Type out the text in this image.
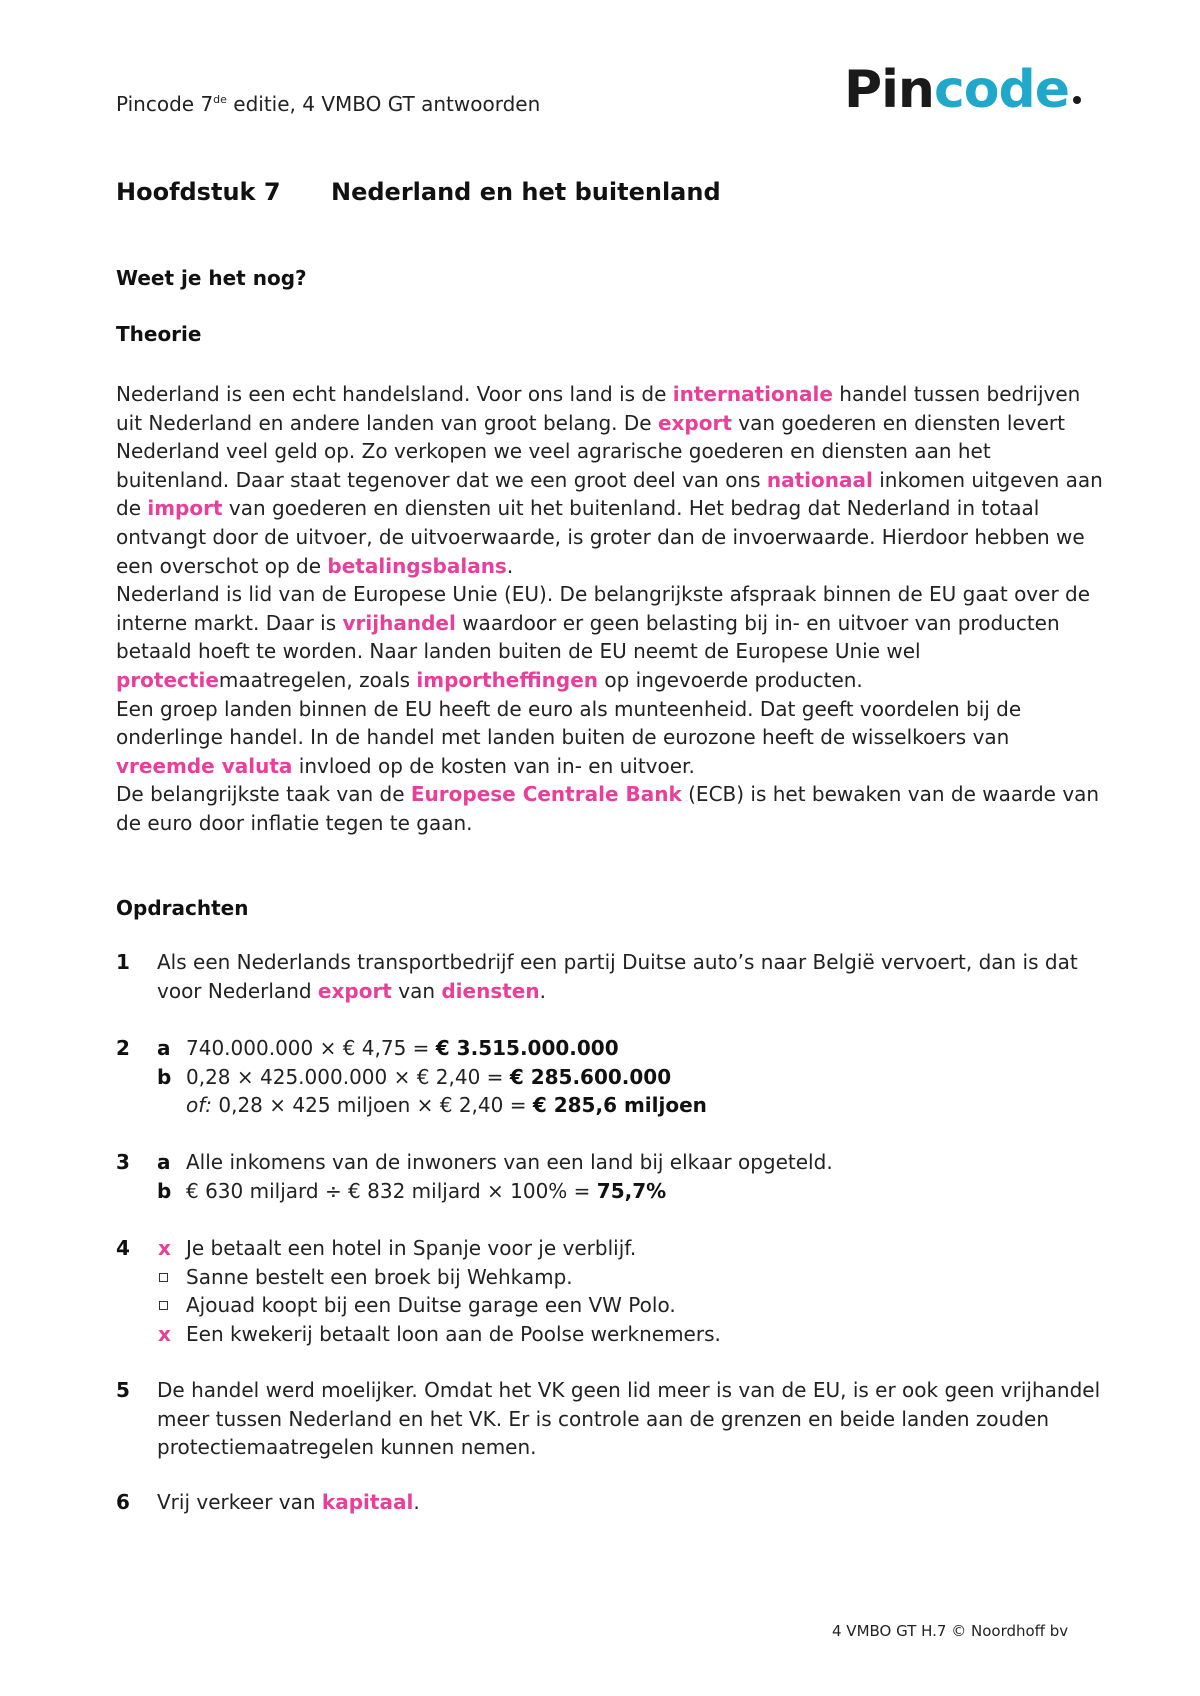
Pincode 7de editie, 4 VMBO GT antwoorden	Pin code
Hoofdstuk 7 Nederland en het buitenland
Weet je het nog?
Theorie

Nederland is een echt handelsland. Voor ons land is de internationale handel tussen bedrijven uit Nederland en andere landen van groot belang. De export van goederen en diensten levert Nederland veel geld op. Zo verkopen we veel agrarische goederen en diensten aan het buitenland. Daar staat tegenover dat we een groot deel van ons nationaal inkomen uitgeven aan de import van goederen en diensten uit het buitenland. Het bedrag dat Nederland in totaal ontvangt door de uitvoer, de uitvoerwaarde, is groter dan de invoerwaarde. Hierdoor hebben we een overschot op de betalingsbalans.

Nederland is lid van de Europese Unie (EU). De belangrijkste afspraak binnen de EU gaat over de interne markt. Daar is vrijhandel waardoor er geen belasting bij in- en uitvoer van producten betaald hoeft te worden. Naar landen buiten de EU neemt de Europese Unie wel protectiemaatregelen, zoals importheffingen op ingevoerde producten.

Een groep landen binnen de EU heeft de euro als munteenheid. Dat geeft voordelen bij de onderlinge handel. In de handel met landen buiten de eurozone heeft de wisselkoers van vreemde valuta invloed op de kosten van in- en uitvoer.

De belangrijkste taak van de Europese Centrale Bank (ECB) is het bewaken van de waarde van de euro door inflatie tegen te gaan.

Opdrachten
1 Als een Nederlands transportbedrijf een partij Duitse auto’s naar België vervoert, dan is dat voor Nederland export van diensten.
2 a 740.000.000 × € 4,75 = € 3.515.000.000
b 0,28 × 425.000.000 × € 2,40 = € 285.600.000
of: 0,28 × 425 miljoen × € 2,40 = € 285,6 miljoen
3 a Alle inkomens van de inwoners van een land bij elkaar opgeteld.
b € 630 miljard ÷ € 832 miljard × 100% = 75,7%
4 x Je betaalt een hotel in Spanje voor je verblijf.
Sanne bestelt een broek bij Wehkamp.
Ajouad koopt bij een Duitse garage een VW Polo.
x Een kwekerij betaalt loon aan de Poolse werknemers.
5 De handel werd moelijker. Omdat het VK geen lid meer is van de EU, is er ook geen vrijhandel meer tussen Nederland en het VK. Er is controle aan de grenzen en beide landen zouden protectiemaatregelen kunnen nemen.
6 Vrij verkeer van kapitaal.
4 VMBO GT H.7 © Noordhoff bv
